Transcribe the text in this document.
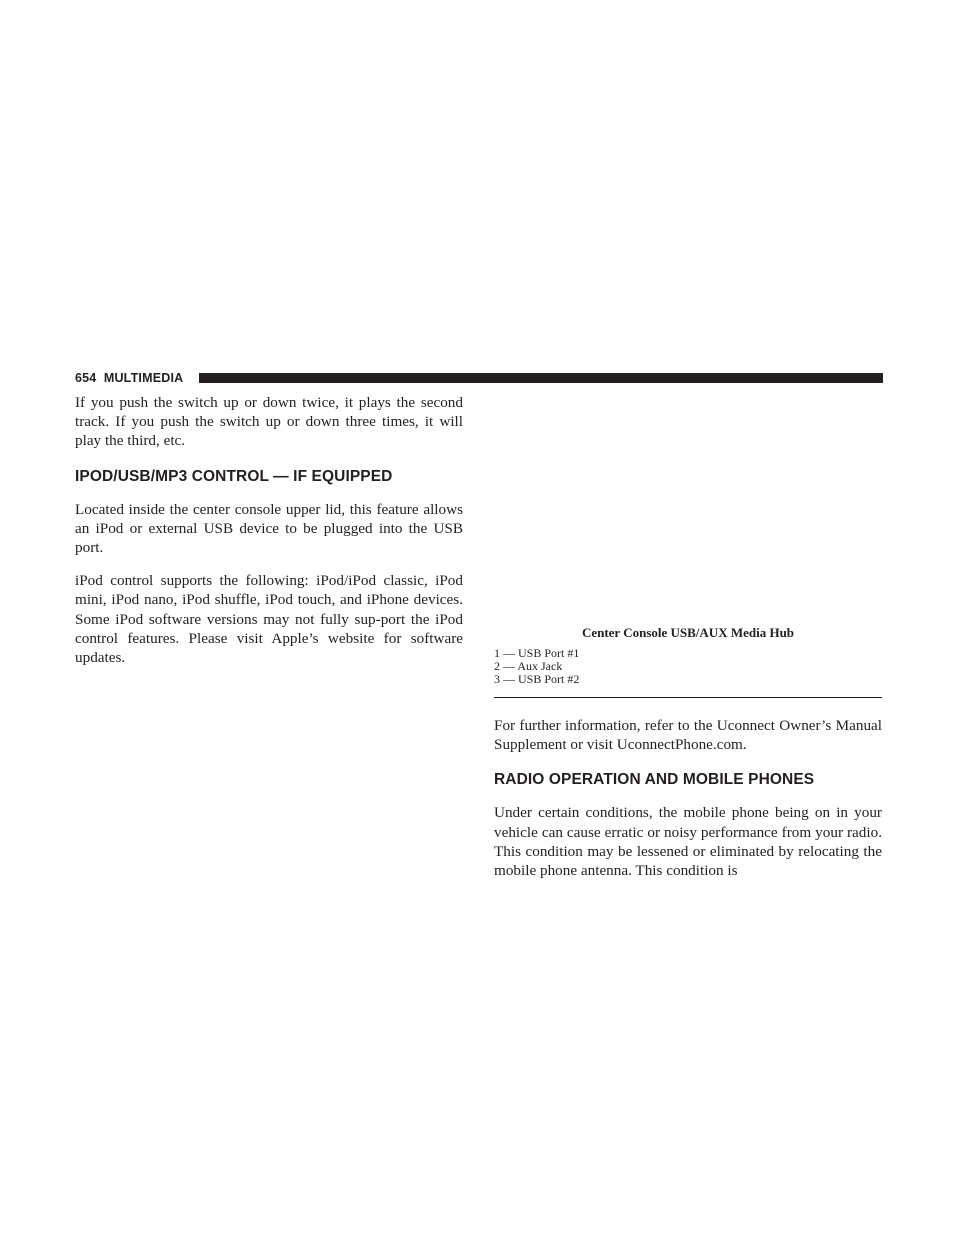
654 MULTIMEDIA

If you push the switch up or down twice, it plays the second track. If you push the switch up or down three times, it will play the third, etc.

IPOD/USB/MP3 CONTROL — IF EQUIPPED

Located inside the center console upper lid, this feature allows an iPod or external USB device to be plugged into the USB port.

iPod control supports the following: iPod/iPod classic, iPod mini, iPod nano, iPod shuffle, iPod touch, and iPhone devices. Some iPod software versions may not fully sup-port the iPod control features. Please visit Apple’s website for software updates.

Center Console USB/AUX Media Hub
1 — USB Port #1
2 — Aux Jack
3 — USB Port #2

For further information, refer to the Uconnect Owner’s Manual Supplement or visit UconnectPhone.com.

RADIO OPERATION AND MOBILE PHONES

Under certain conditions, the mobile phone being on in your vehicle can cause erratic or noisy performance from your radio. This condition may be lessened or eliminated by relocating the mobile phone antenna. This condition is
